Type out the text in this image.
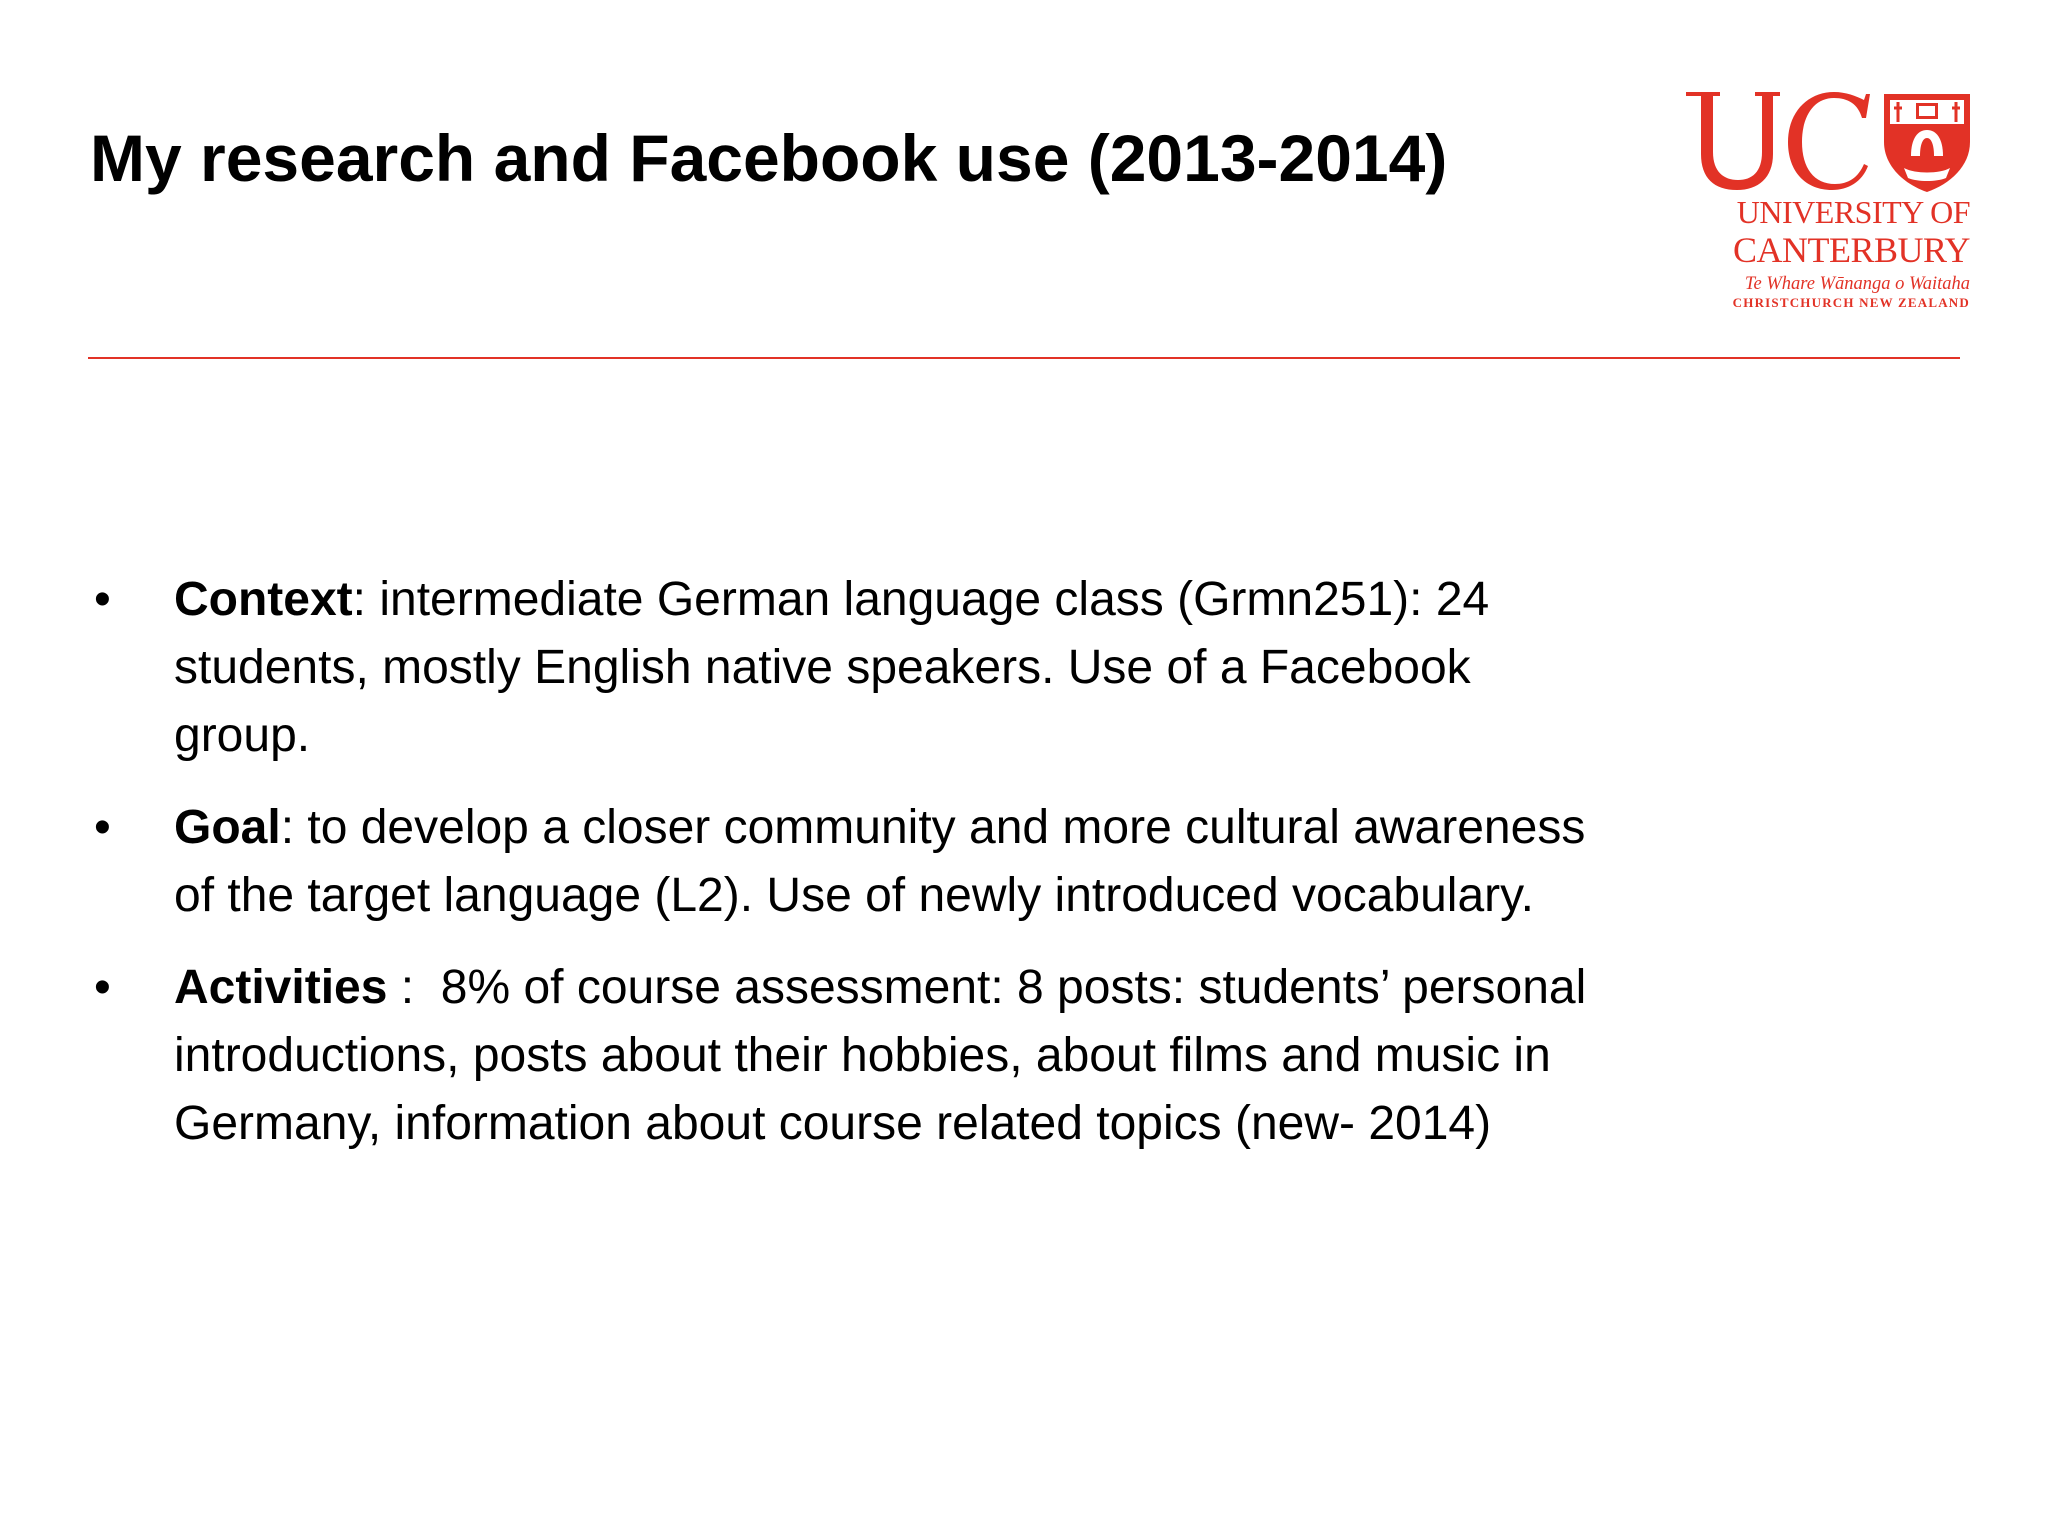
My research and Facebook use (2013-2014)
UNIVERSITY OF
CANTERBURY
Te Whare Wānanga o Waitaha
CHRISTCHURCH NEW ZEALAND
• Context: intermediate German language class (Grmn251): 24 students, mostly English native speakers. Use of a Facebook group.
• Goal: to develop a closer community and more cultural awareness of the target language (L2). Use of newly introduced vocabulary.
• Activities :  8% of course assessment: 8 posts: students’ personal introductions, posts about their hobbies, about films and music in Germany, information about course related topics (new- 2014)
